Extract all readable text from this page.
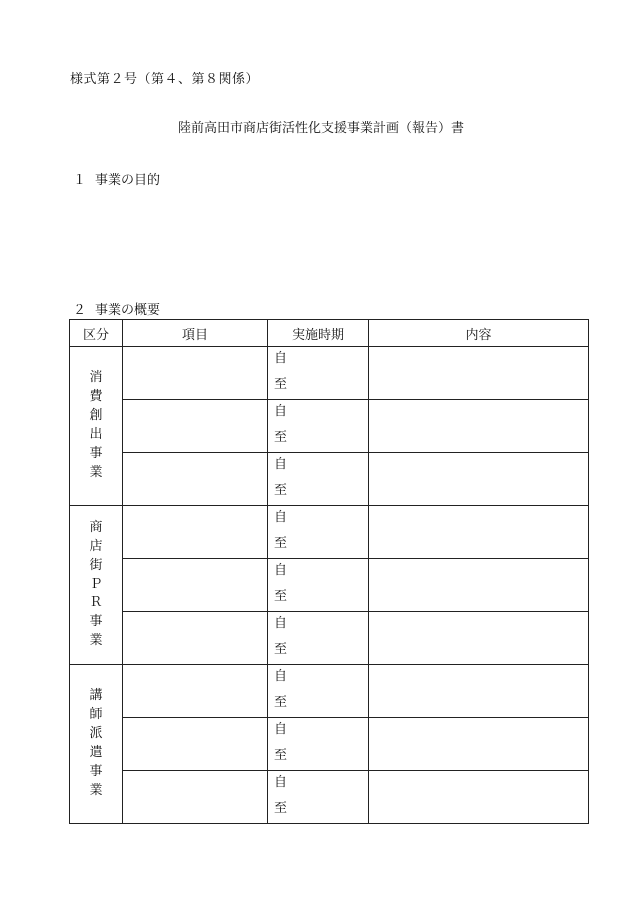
様式第２号（第４、第８関係）
陸前高田市商店街活性化支援事業計画（報告）書
１ 事業の目的
２ 事業の概要
区分	項目	実施時期	内容
消費創出事業		自
至	

		自
至	

		自
至	

商店街ＰＲ事業		自
至	

		自
至	

		自
至	

講師派遣事業		自
至	

		自
至	

		自
至	
